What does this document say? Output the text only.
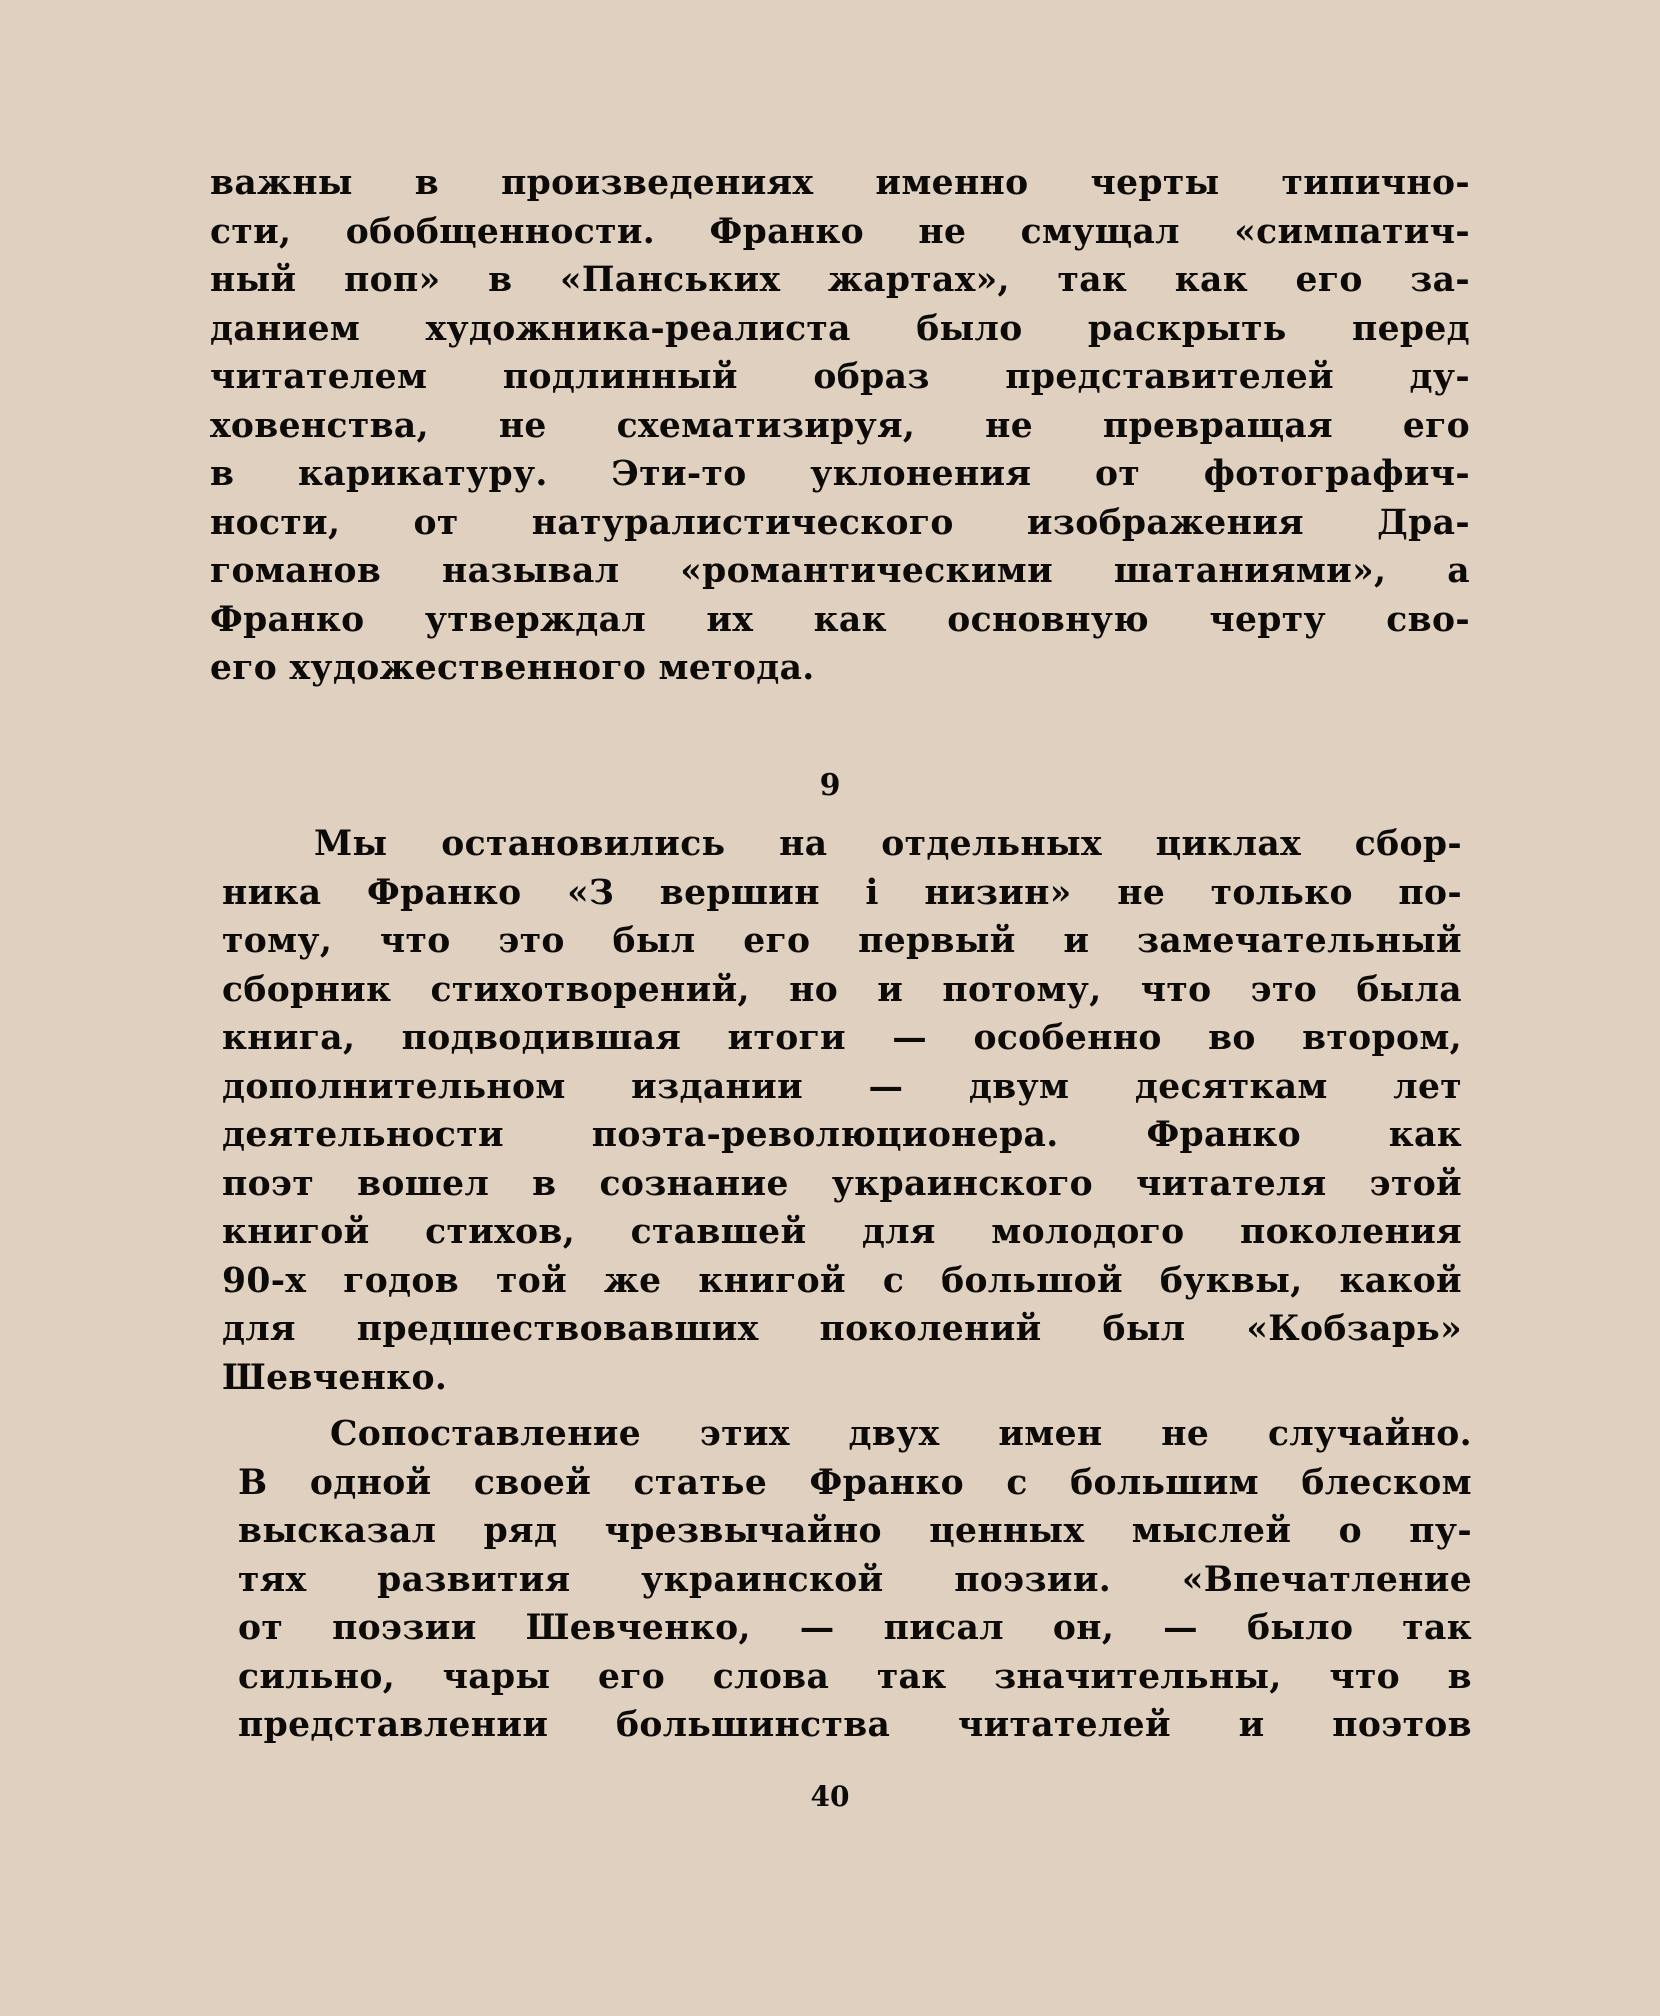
важны в произведениях именно черты типично-
сти, обобщенности. Франко не смущал «симпатич-
ный поп» в «Панських жартах», так как его за-
данием художника-реалиста было раскрыть перед
читателем подлинный образ представителей ду-
ховенства, не схематизируя, не превращая его
в карикатуру. Эти-то уклонения от фотографич-
ности, от натуралистического изображения Дра-
гоманов называл «романтическими шатаниями», а
Франко утверждал их как основную черту сво-
его художественного метода.
9
Мы остановились на отдельных циклах сбор-
ника Франко «З вершин і низин» не только по-
тому, что это был его первый и замечательный
сборник стихотворений, но и потому, что это была
книга, подводившая итоги — особенно во втором,
дополнительном издании — двум десяткам лет
деятельности поэта-революционера. Франко как
поэт вошел в сознание украинского читателя этой
книгой стихов, ставшей для молодого поколения
90-х годов той же книгой с большой буквы, какой
для предшествовавших поколений был «Кобзарь»
Шевченко.
Сопоставление этих двух имен не случайно.
В одной своей статье Франко с большим блеском
высказал ряд чрезвычайно ценных мыслей о пу-
тях развития украинской поэзии. «Впечатление
от поэзии Шевченко, — писал он, — было так
сильно, чары его слова так значительны, что в
представлении большинства читателей и поэтов
40
